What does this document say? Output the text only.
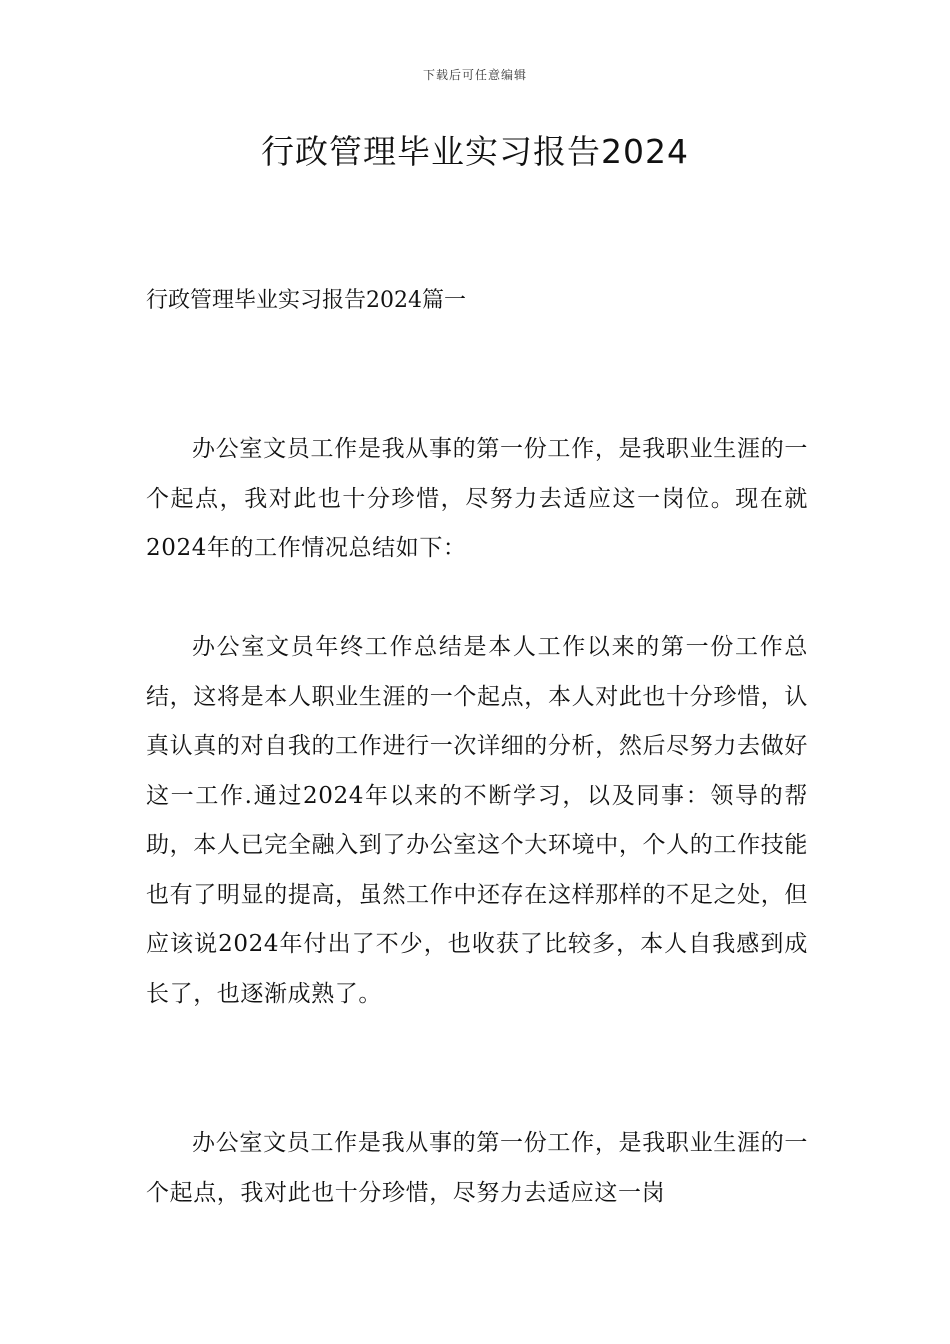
下载后可任意编辑
行政管理毕业实习报告2024
行政管理毕业实习报告2024篇一

办公室文员工作是我从事的第一份工作，是我职业生涯的一个起点，我对此也十分珍惜，尽努力去适应这一岗位。现在就2024年的工作情况总结如下：

办公室文员年终工作总结是本人工作以来的第一份工作总结，这将是本人职业生涯的一个起点，本人对此也十分珍惜，认真认真的对自我的工作进行一次详细的分析，然后尽努力去做好这一工作.通过2024年以来的不断学习，以及同事：领导的帮助，本人已完全融入到了办公室这个大环境中，个人的工作技能也有了明显的提高，虽然工作中还存在这样那样的不足之处，但应该说2024年付出了不少，也收获了比较多，本人自我感到成长了，也逐渐成熟了。

办公室文员工作是我从事的第一份工作，是我职业生涯的一个起点，我对此也十分珍惜，尽努力去适应这一岗
